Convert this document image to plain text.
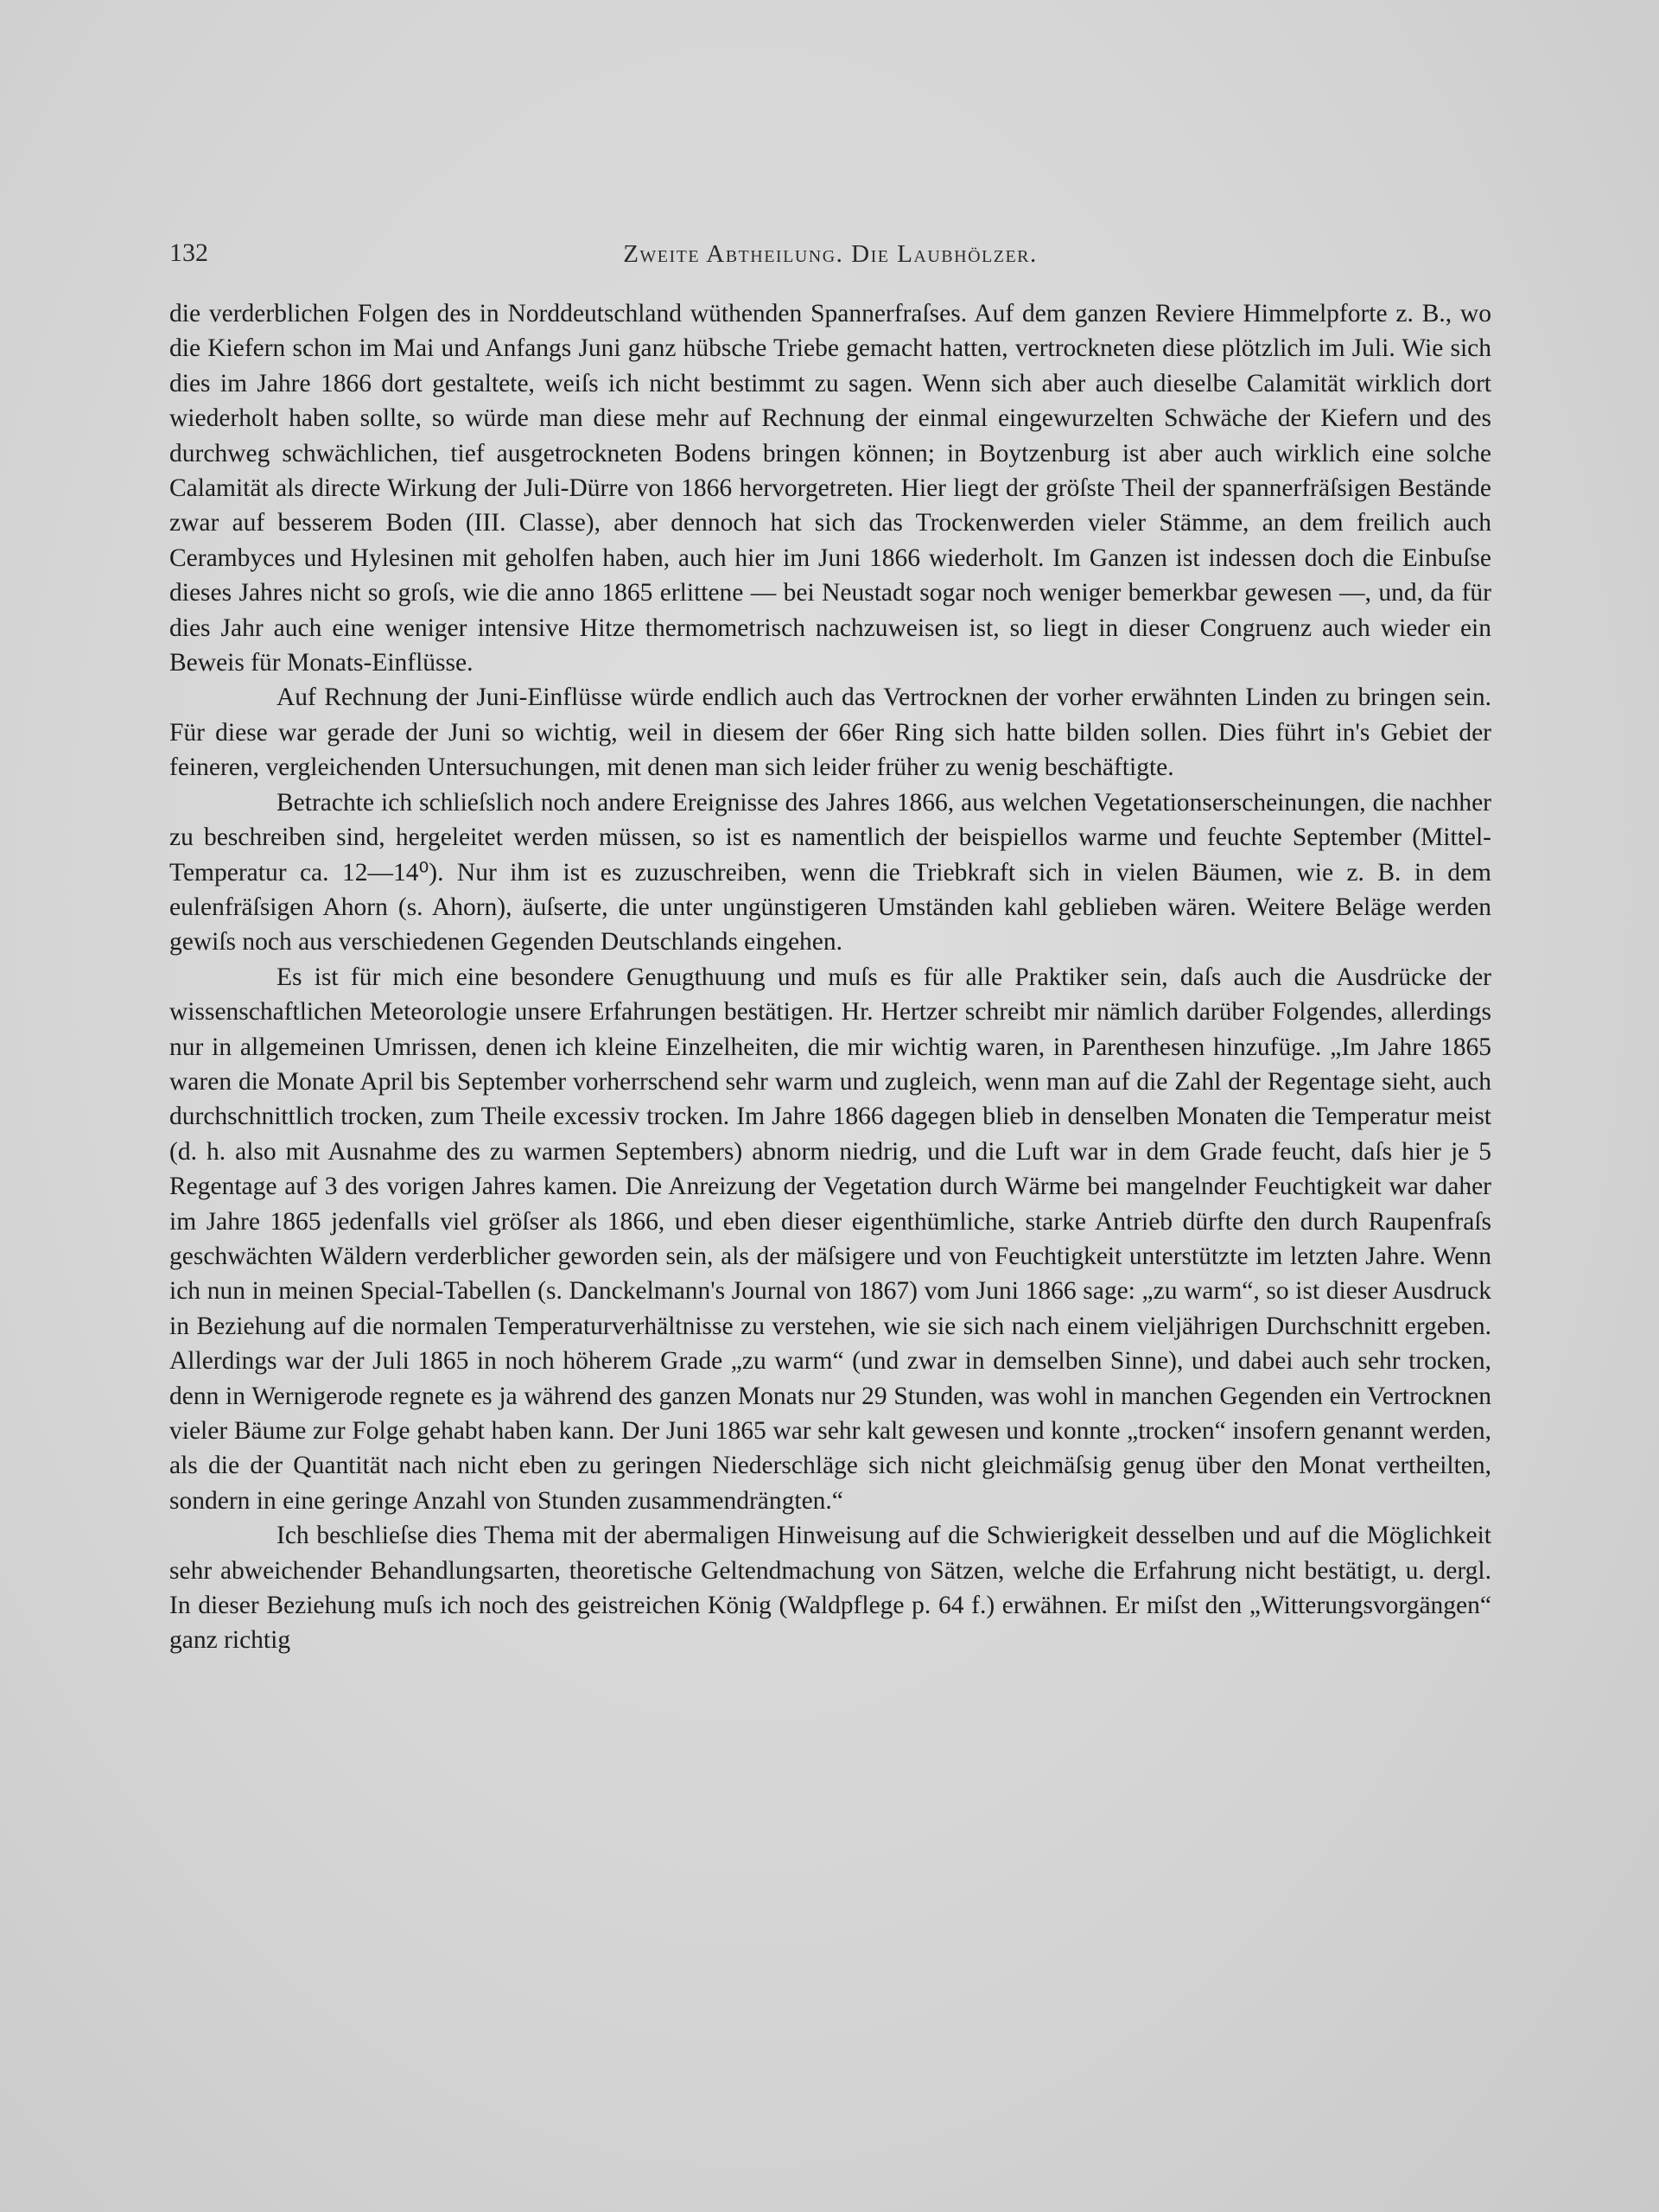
132	Zweite Abtheilung. Die Laubhölzer.

die verderblichen Folgen des in Norddeutschland wüthenden Spannerfraſses. Auf dem ganzen Reviere Himmelpforte z. B., wo die Kiefern schon im Mai und Anfangs Juni ganz hübsche Triebe gemacht hatten, vertrockneten diese plötzlich im Juli. Wie sich dies im Jahre 1866 dort gestaltete, weiſs ich nicht bestimmt zu sagen. Wenn sich aber auch dieselbe Calamität wirklich dort wiederholt haben sollte, so würde man diese mehr auf Rechnung der einmal eingewurzelten Schwäche der Kiefern und des durchweg schwächlichen, tief ausgetrockneten Bodens bringen können; in Boytzenburg ist aber auch wirklich eine solche Calamität als directe Wirkung der Juli-Dürre von 1866 hervorgetreten. Hier liegt der gröſste Theil der spannerfräſsigen Bestände zwar auf besserem Boden (III. Classe), aber dennoch hat sich das Trockenwerden vieler Stämme, an dem freilich auch Cerambyces und Hylesinen mit geholfen haben, auch hier im Juni 1866 wiederholt. Im Ganzen ist indessen doch die Einbuſse dieses Jahres nicht so groſs, wie die anno 1865 erlittene — bei Neustadt sogar noch weniger bemerkbar gewesen —, und, da für dies Jahr auch eine weniger intensive Hitze thermometrisch nachzuweisen ist, so liegt in dieser Congruenz auch wieder ein Beweis für Monats-Einflüsse.

Auf Rechnung der Juni-Einflüsse würde endlich auch das Vertrocknen der vorher erwähnten Linden zu bringen sein. Für diese war gerade der Juni so wichtig, weil in diesem der 66er Ring sich hatte bilden sollen. Dies führt in's Gebiet der feineren, vergleichenden Untersuchungen, mit denen man sich leider früher zu wenig beschäftigte.

Betrachte ich schlieſslich noch andere Ereignisse des Jahres 1866, aus welchen Vegetationserscheinungen, die nachher zu beschreiben sind, hergeleitet werden müssen, so ist es namentlich der beispiellos warme und feuchte September (Mittel-Temperatur ca. 12—14⁰). Nur ihm ist es zuzuschreiben, wenn die Triebkraft sich in vielen Bäumen, wie z. B. in dem eulenfräſsigen Ahorn (s. Ahorn), äuſserte, die unter ungünstigeren Umständen kahl geblieben wären. Weitere Beläge werden gewiſs noch aus verschiedenen Gegenden Deutschlands eingehen.

Es ist für mich eine besondere Genugthuung und muſs es für alle Praktiker sein, daſs auch die Ausdrücke der wissenschaftlichen Meteorologie unsere Erfahrungen bestätigen. Hr. Hertzer schreibt mir nämlich darüber Folgendes, allerdings nur in allgemeinen Umrissen, denen ich kleine Einzelheiten, die mir wichtig waren, in Parenthesen hinzufüge. „Im Jahre 1865 waren die Monate April bis September vorherrschend sehr warm und zugleich, wenn man auf die Zahl der Regentage sieht, auch durchschnittlich trocken, zum Theile excessiv trocken. Im Jahre 1866 dagegen blieb in denselben Monaten die Temperatur meist (d. h. also mit Ausnahme des zu warmen Septembers) abnorm niedrig, und die Luft war in dem Grade feucht, daſs hier je 5 Regentage auf 3 des vorigen Jahres kamen. Die Anreizung der Vegetation durch Wärme bei mangelnder Feuchtigkeit war daher im Jahre 1865 jedenfalls viel gröſser als 1866, und eben dieser eigenthümliche, starke Antrieb dürfte den durch Raupenfraſs geschwächten Wäldern verderblicher geworden sein, als der mäſsigere und von Feuchtigkeit unterstützte im letzten Jahre. Wenn ich nun in meinen Special-Tabellen (s. Danckelmann's Journal von 1867) vom Juni 1866 sage: „zu warm“, so ist dieser Ausdruck in Beziehung auf die normalen Temperaturverhältnisse zu verstehen, wie sie sich nach einem vieljährigen Durchschnitt ergeben. Allerdings war der Juli 1865 in noch höherem Grade „zu warm“ (und zwar in demselben Sinne), und dabei auch sehr trocken, denn in Wernigerode regnete es ja während des ganzen Monats nur 29 Stunden, was wohl in manchen Gegenden ein Vertrocknen vieler Bäume zur Folge gehabt haben kann. Der Juni 1865 war sehr kalt gewesen und konnte „trocken“ insofern genannt werden, als die der Quantität nach nicht eben zu geringen Niederschläge sich nicht gleichmäſsig genug über den Monat vertheilten, sondern in eine geringe Anzahl von Stunden zusammendrängten.“

Ich beschlieſse dies Thema mit der abermaligen Hinweisung auf die Schwierigkeit desselben und auf die Möglichkeit sehr abweichender Behandlungsarten, theoretische Geltendmachung von Sätzen, welche die Erfahrung nicht bestätigt, u. dergl. In dieser Beziehung muſs ich noch des geistreichen König (Waldpflege p. 64 f.) erwähnen. Er miſst den „Witterungsvorgängen“ ganz richtig
